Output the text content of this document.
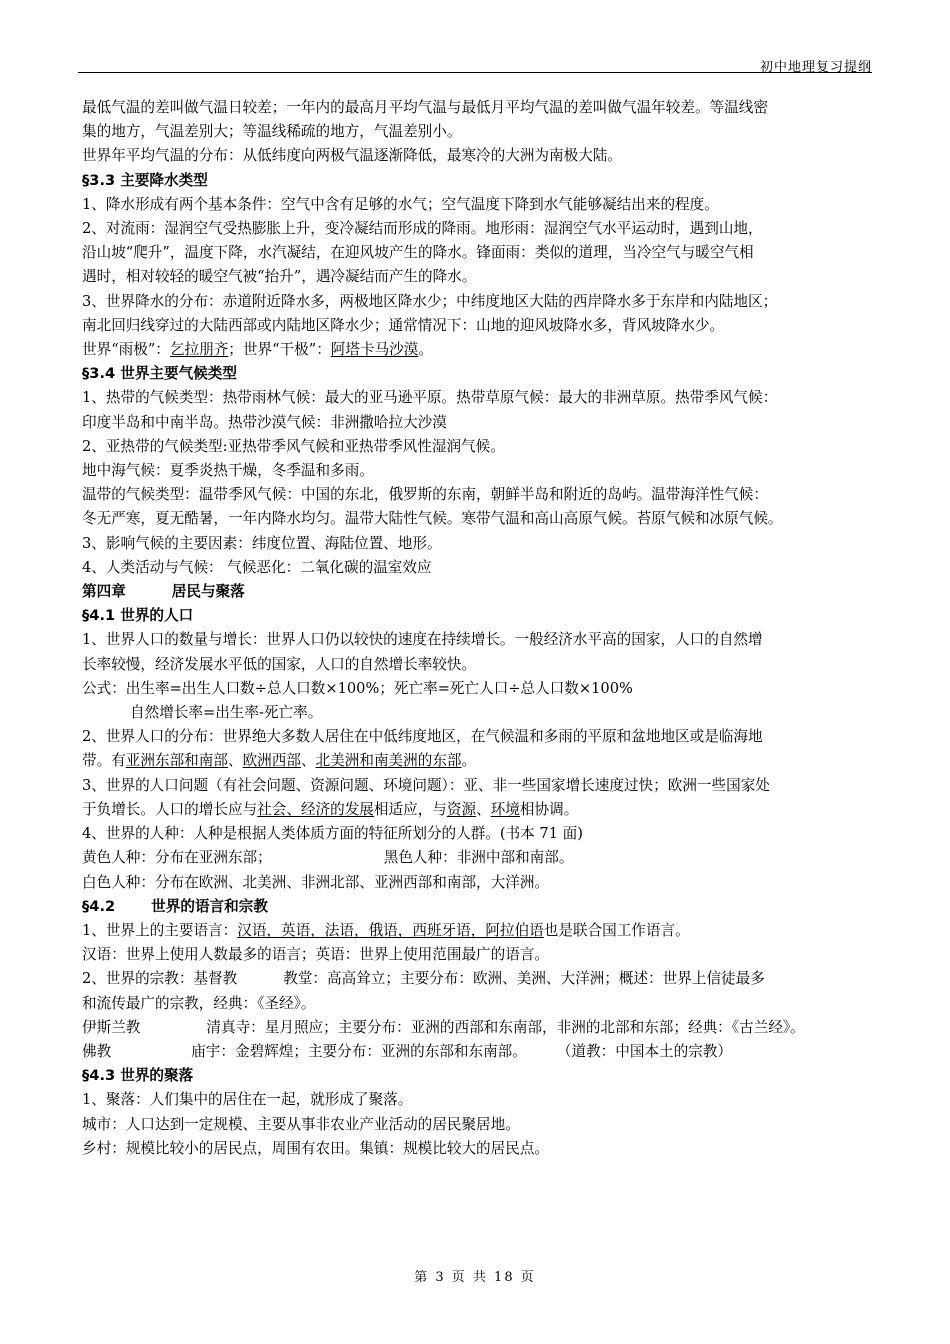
初中地理复习提纲

最低气温的差叫做气温日较差；一年内的最高月平均气温与最低月平均气温的差叫做气温年较差。等温线密

集的地方，气温差别大；等温线稀疏的地方，气温差别小。

世界年平均气温的分布：从低纬度向两极气温逐渐降低，最寒冷的大洲为南极大陆。

§3.3 主要降水类型

1、降水形成有两个基本条件：空气中含有足够的水气；空气温度下降到水气能够凝结出来的程度。

2、对流雨：湿润空气受热膨胀上升，变冷凝结而形成的降雨。地形雨：湿润空气水平运动时，遇到山地，

沿山坡“爬升”，温度下降，水汽凝结，在迎风坡产生的降水。锋面雨：类似的道理，当冷空气与暖空气相

遇时，相对较轻的暖空气被“抬升”，遇冷凝结而产生的降水。

3、世界降水的分布：赤道附近降水多，两极地区降水少；中纬度地区大陆的西岸降水多于东岸和内陆地区；

南北回归线穿过的大陆西部或内陆地区降水少；通常情况下：山地的迎风坡降水多，背风坡降水少。

世界“雨极”：乞拉朋齐；世界“干极”：阿塔卡马沙漠。

§3.4 世界主要气候类型

1、热带的气候类型：热带雨林气候：最大的亚马逊平原。热带草原气候：最大的非洲草原。热带季风气候：

印度半岛和中南半岛。热带沙漠气候：非洲撒哈拉大沙漠

2、亚热带的气候类型:亚热带季风气候和亚热带季风性湿润气候。

地中海气候：夏季炎热干燥，冬季温和多雨。

温带的气候类型：温带季风气候：中国的东北，俄罗斯的东南，朝鲜半岛和附近的岛屿。温带海洋性气候：

冬无严寒，夏无酷暑，一年内降水均匀。温带大陆性气候。寒带气温和高山高原气候。苔原气候和冰原气候。

3、影响气候的主要因素：纬度位置、海陆位置、地形。

4、人类活动与气候： 气候恶化：二氧化碳的温室效应

第四章	居民与聚落

§4.1 世界的人口

1、世界人口的数量与增长：世界人口仍以较快的速度在持续增长。一般经济水平高的国家，人口的自然增

长率较慢，经济发展水平低的国家，人口的自然增长率较快。

公式：出生率=出生人口数÷总人口数×100%；死亡率=死亡人口÷总人口数×100%

自然增长率=出生率-死亡率。

2、世界人口的分布：世界绝大多数人居住在中低纬度地区，在气候温和多雨的平原和盆地地区或是临海地

带。有亚洲东部和南部、欧洲西部、北美洲和南美洲的东部。

3、世界的人口问题（有社会问题、资源问题、环境问题）：亚、非一些国家增长速度过快；欧洲一些国家处

于负增长。人口的增长应与社会、经济的发展相适应，与资源、环境相协调。

4、世界的人种：人种是根据人类体质方面的特征所划分的人群。(书本 71 面)

黄色人种：分布在亚洲东部；	黑色人种：非洲中部和南部。

白色人种：分布在欧洲、北美洲、非洲北部、亚洲西部和南部，大洋洲。

§4.2 世界的语言和宗教

1、世界上的主要语言：汉语，英语，法语，俄语，西班牙语，阿拉伯语也是联合国工作语言。

汉语：世界上使用人数最多的语言；英语：世界上使用范围最广的语言。

2、世界的宗教：基督教	教堂：高高耸立；主要分布：欧洲、美洲、大洋洲；概述：世界上信徒最多

和流传最广的宗教，经典：《圣经》。

伊斯兰教	清真寺：星月照应；主要分布：亚洲的西部和东南部，非洲的北部和东部；经典：《古兰经》。

佛教	庙宇：金碧辉煌；主要分布：亚洲的东部和东南部。 （道教：中国本土的宗教）

§4.3 世界的聚落

1、聚落：人们集中的居住在一起，就形成了聚落。

城市：人口达到一定规模、主要从事非农业产业活动的居民聚居地。

乡村：规模比较小的居民点，周围有农田。集镇：规模比较大的居民点。

第 3 页 共 18 页
